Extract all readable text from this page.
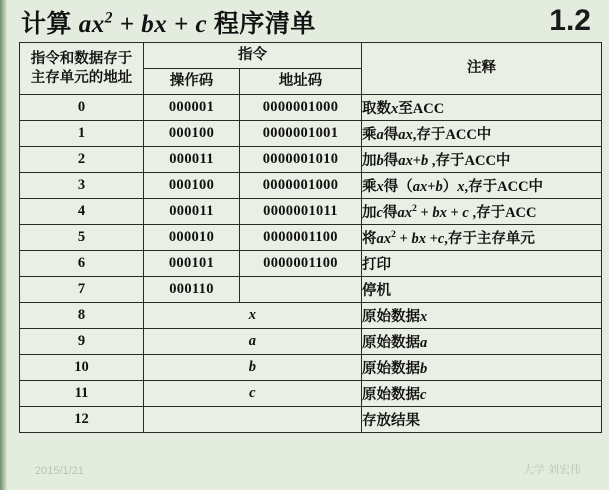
计算 $ax^2$ + bx + c 程序清单	1.2
指令和数据存于
主存单元的地址	指令		注释
	操作码	地址码	
0	000001	0000001000	取数x至ACC
1	000100	0000001001	乘a得ax,存于ACC中
2	000011	0000001010	加b得ax+b ,存于ACC中
3	000100	0000001000	乘x得（ax+b）x,存于ACC中
4	000011	0000001011	加c得$ax^2$ + bx + c ,存于ACC
5	000010	0000001100	将$ax^2$ + bx +c,存于主存单元
6	000101	0000001100	打印
7	000110		停机
8	x		原始数据x
9	a		原始数据a
10	b		原始数据b
11	c		原始数据c
12			存放结果
2015/1/21	大学 刘宏伟
